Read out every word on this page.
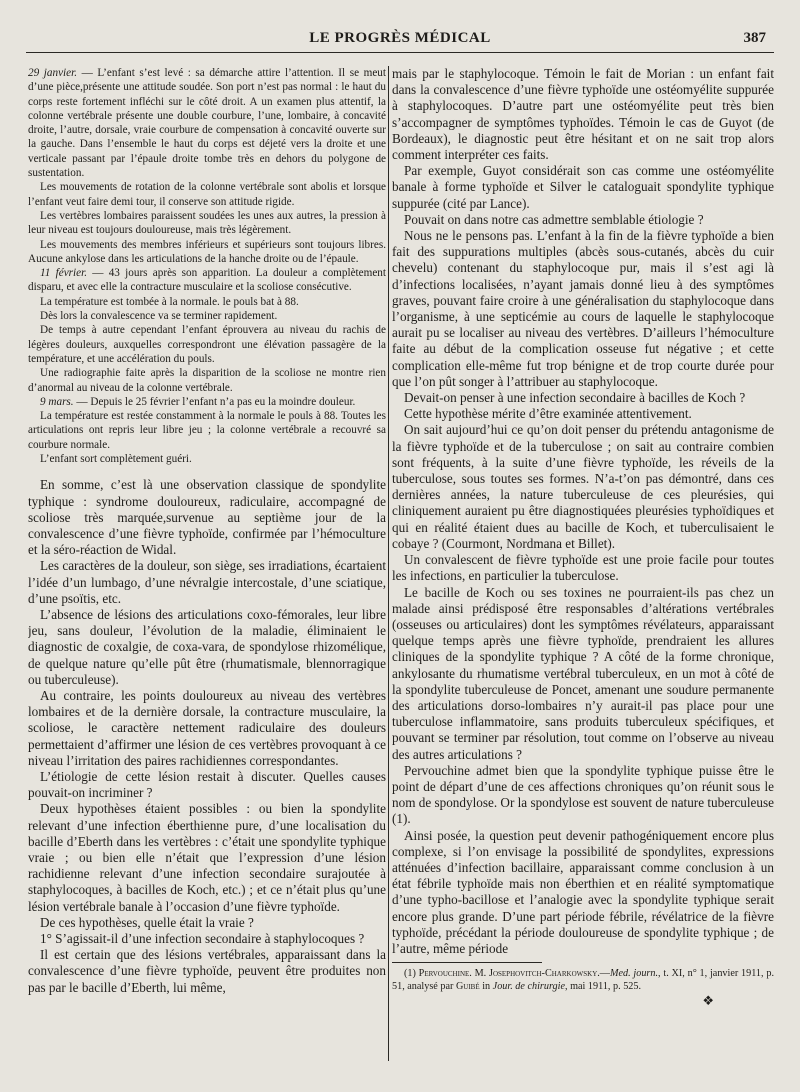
LE PROGRÈS MÉDICAL	387

29 janvier. — L’enfant s’est levé : sa démarche attire l’attention. Il se meut d’une pièce,présente une attitude soudée. Son port n’est pas normal : le haut du corps reste fortement infléchi sur le côté droit. A un examen plus attentif, la colonne vertébrale présente une double courbure, l’une, lombaire, à concavité droite, l’autre, dorsale, vraie courbure de compensation à concavité ouverte sur la gauche. Dans l’ensemble le haut du corps est déjeté vers la droite et une verticale passant par l’épaule droite tombe très en dehors du polygone de sustentation.

Les mouvements de rotation de la colonne vertébrale sont abolis et lorsque l’enfant veut faire demi tour, il conserve son attitude rigide.

Les vertèbres lombaires paraissent soudées les unes aux autres, la pression à leur niveau est toujours douloureuse, mais très légèrement.

Les mouvements des membres inférieurs et supérieurs sont toujours libres. Aucune ankylose dans les articulations de la hanche droite ou de l’épaule.

11 février. — 43 jours après son apparition. La douleur a complètement disparu, et avec elle la contracture musculaire et la scoliose consécutive.

La température est tombée à la normale. le pouls bat à 88.

Dès lors la convalescence va se terminer rapidement.

De temps à autre cependant l’enfant éprouvera au niveau du rachis de légères douleurs, auxquelles correspondront une élévation passagère de la température, et une accélération du pouls.

Une radiographie faite après la disparition de la scoliose ne montre rien d’anormal au niveau de la colonne vertébrale.

9 mars. — Depuis le 25 février l’enfant n’a pas eu la moindre douleur.

La température est restée constamment à la normale le pouls à 88. Toutes les articulations ont repris leur libre jeu ; la colonne vertébrale a recouvré sa courbure normale.

L’enfant sort complètement guéri.

En somme, c’est là une observation classique de spondylite typhique : syndrome douloureux, radiculaire, accompagné de scoliose très marquée,survenue au septième jour de la convalescence d’une fièvre typhoïde, confirmée par l’hémoculture et la séro-réaction de Widal.

Les caractères de la douleur, son siège, ses irradiations, écartaient l’idée d’un lumbago, d’une névralgie intercostale, d’une sciatique, d’une psoïtis, etc.

L’absence de lésions des articulations coxo-fémorales, leur libre jeu, sans douleur, l’évolution de la maladie, éliminaient le diagnostic de coxalgie, de coxa-vara, de spondylose rhizomélique, de quelque nature qu’elle pût être (rhumatismale, blennorragique ou tuberculeuse).

Au contraire, les points douloureux au niveau des vertèbres lombaires et de la dernière dorsale, la contracture musculaire, la scoliose, le caractère nettement radiculaire des douleurs permettaient d’affirmer une lésion de ces vertèbres provoquant à ce niveau l’irritation des paires rachidiennes correspondantes.

L’étiologie de cette lésion restait à discuter. Quelles causes pouvait-on incriminer ?

Deux hypothèses étaient possibles : ou bien la spondylite relevant d’une infection éberthienne pure, d’une localisation du bacille d’Eberth dans les vertèbres : c’était une spondylite typhique vraie ; ou bien elle n’était que l’expression d’une lésion rachidienne relevant d’une infection secondaire surajoutée à staphylocoques, à bacilles de Koch, etc.) ; et ce n’était plus qu’une lésion vertébrale banale à l’occasion d’une fièvre typhoïde.

De ces hypothèses, quelle était la vraie ?

1° S’agissait-il d’une infection secondaire à staphylocoques ?

Il est certain que des lésions vertébrales, apparaissant dans la convalescence d’une fièvre typhoïde, peuvent être produites non pas par le bacille d’Eberth, lui même,

mais par le staphylocoque. Témoin le fait de Morian : un enfant fait dans la convalescence d’une fièvre typhoïde une ostéomyélite suppurée à staphylocoques. D’autre part une ostéomyélite peut très bien s’accompagner de symptômes typhoïdes. Témoin le cas de Guyot (de Bordeaux), le diagnostic peut être hésitant et on ne sait trop alors comment interpréter ces faits.

Par exemple, Guyot considérait son cas comme une ostéomyélite banale à forme typhoïde et Silver le cataloguait spondylite typhique suppurée (cité par Lance).

Pouvait on dans notre cas admettre semblable étiologie ?

Nous ne le pensons pas. L’enfant à la fin de la fièvre typhoïde a bien fait des suppurations multiples (abcès sous-cutanés, abcès du cuir chevelu) contenant du staphylocoque pur, mais il s’est agi là d’infections localisées, n’ayant jamais donné lieu à des symptômes graves, pouvant faire croire à une généralisation du staphylocoque dans l’organisme, à une septicémie au cours de laquelle le staphylocoque aurait pu se localiser au niveau des vertèbres. D’ailleurs l’hémoculture faite au début de la complication osseuse fut négative ; et cette complication elle-même fut trop bénigne et de trop courte durée pour que l’on pût songer à l’attribuer au staphylocoque.

Devait-on penser à une infection secondaire à bacilles de Koch ?

Cette hypothèse mérite d’être examinée attentivement.

On sait aujourd’hui ce qu’on doit penser du prétendu antagonisme de la fièvre typhoïde et de la tuberculose ; on sait au contraire combien sont fréquents, à la suite d’une fièvre typhoïde, les réveils de la tuberculose, sous toutes ses formes. N’a-t’on pas démontré, dans ces dernières années, la nature tuberculeuse de ces pleurésies, qui cliniquement auraient pu être diagnostiquées pleurésies typhoïdiques et qui en réalité étaient dues au bacille de Koch, et tuberculisaient le cobaye ? (Courmont, Nordmana et Billet).

Un convalescent de fièvre typhoïde est une proie facile pour toutes les infections, en particulier la tuberculose.

Le bacille de Koch ou ses toxines ne pourraient-ils pas chez un malade ainsi prédisposé être responsables d’altérations vertébrales (osseuses ou articulaires) dont les symptômes révélateurs, apparaissant quelque temps après une fièvre typhoïde, prendraient les allures cliniques de la spondylite typhique ? A côté de la forme chronique, ankylosante du rhumatisme vertébral tuberculeux, en un mot à côté de la spondylite tuberculeuse de Poncet, amenant une soudure permanente des articulations dorso-lombaires n’y aurait-il pas place pour une tuberculose inflammatoire, sans produits tuberculeux spécifiques, et pouvant se terminer par résolution, tout comme on l’observe au niveau des autres articulations ?

Pervouchine admet bien que la spondylite typhique puisse être le point de départ d’une de ces affections chroniques qu’on réunit sous le nom de spondylose. Or la spondylose est souvent de nature tuberculeuse (1).

Ainsi posée, la question peut devenir pathogéniquement encore plus complexe, si l’on envisage la possibilité de spondylites, expressions atténuées d’infection bacillaire, apparaissant comme conclusion à un état fébrile typhoïde mais non éberthien et en réalité symptomatique d’une typho-bacillose et l’analogie avec la spondylite typhique serait encore plus grande. D’une part période fébrile, révélatrice de la fièvre typhoïde, précédant la période douloureuse de spondylite typhique ; de l’autre, même période

(1) Pervouchine. M. Josephovitch-Charkowsky.—Med. journ., t. XI, n° 1, janvier 1911, p. 51, analysé par Guibé in Jour. de chirurgie, mai 1911, p. 525.

❖
